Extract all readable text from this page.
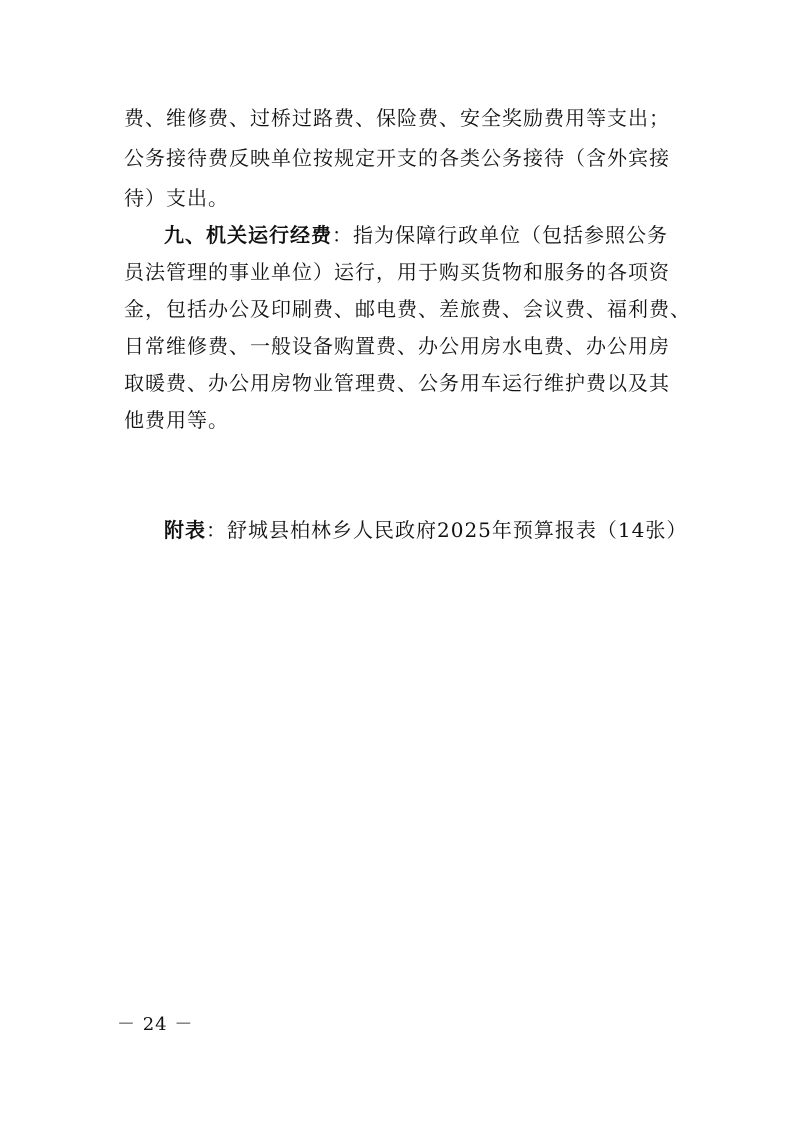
费、维修费、过桥过路费、保险费、安全奖励费用等支出；
公务接待费反映单位按规定开支的各类公务接待（含外宾接
待）支出。
九、机关运行经费：指为保障行政单位（包括参照公务
员法管理的事业单位）运行，用于购买货物和服务的各项资
金，包括办公及印刷费、邮电费、差旅费、会议费、福利费、
日常维修费、一般设备购置费、办公用房水电费、办公用房
取暖费、办公用房物业管理费、公务用车运行维护费以及其
他费用等。
附表：舒城县柏林乡人民政府2025年预算报表（14张）
－ 24 －
